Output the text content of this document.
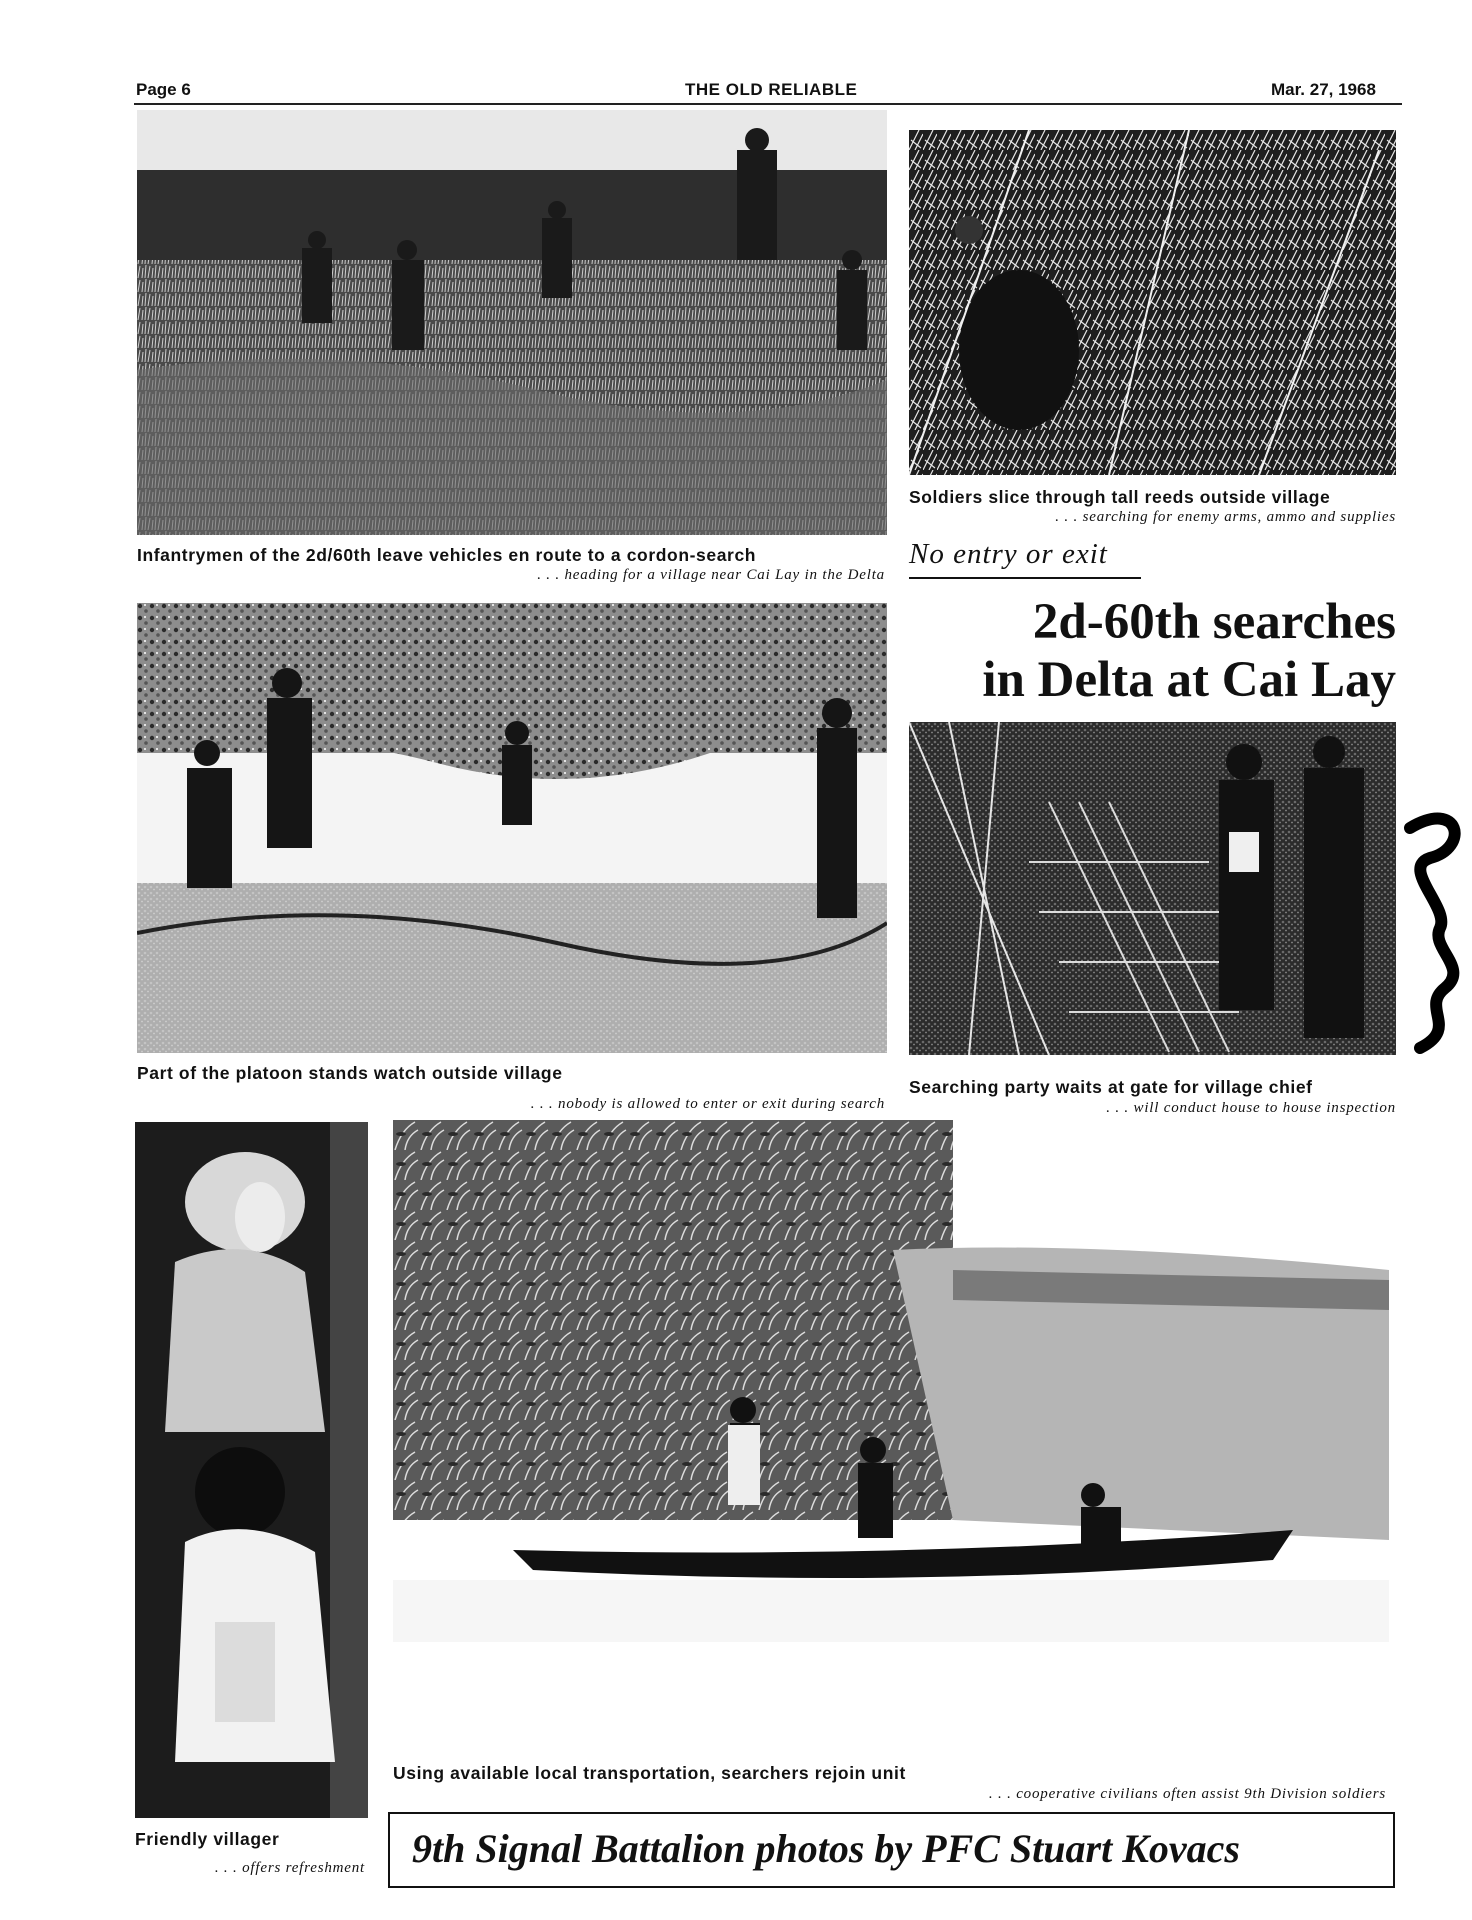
Page 6	THE OLD RELIABLE	Mar. 27, 1968
Infantrymen of the 2d/60th leave vehicles en route to a cordon-search
. . . heading for a village near Cai Lay in the Delta
Soldiers slice through tall reeds outside village
. . . searching for enemy arms, ammo and supplies
No entry or exit
2d-60th searches
in Delta at Cai Lay
Part of the platoon stands watch outside village
. . . nobody is allowed to enter or exit during search
Searching party waits at gate for village chief
. . . will conduct house to house inspection
Friendly villager
. . . offers refreshment
Using available local transportation, searchers rejoin unit
. . . cooperative civilians often assist 9th Division soldiers
9th Signal Battalion photos by PFC Stuart Kovacs
